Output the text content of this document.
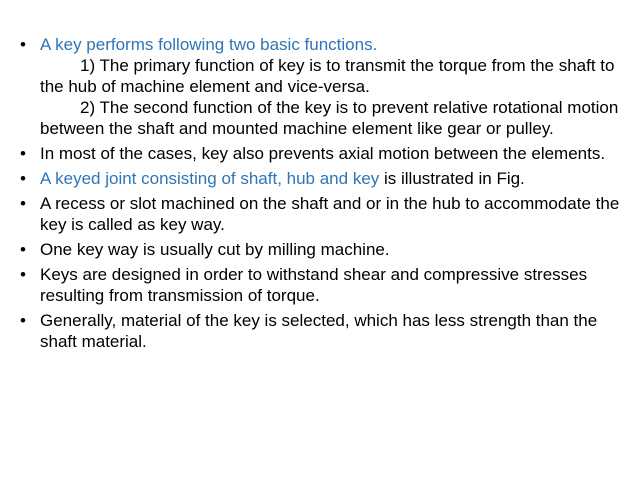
• A key performs following two basic functions.
1) The primary function of key is to transmit the torque from the shaft to the hub of machine element and vice-versa.
2) The second function of the key is to prevent relative rotational motion between the shaft and mounted machine element like gear or pulley.
• In most of the cases, key also prevents axial motion between the elements.
• A keyed joint consisting of shaft, hub and key is illustrated in Fig.
• A recess or slot machined on the shaft and or in the hub to accommodate the key is called as key way.
• One key way is usually cut by milling machine.
• Keys are designed in order to withstand shear and compressive stresses resulting from transmission of torque.
• Generally, material of the key is selected, which has less strength than the shaft material.
